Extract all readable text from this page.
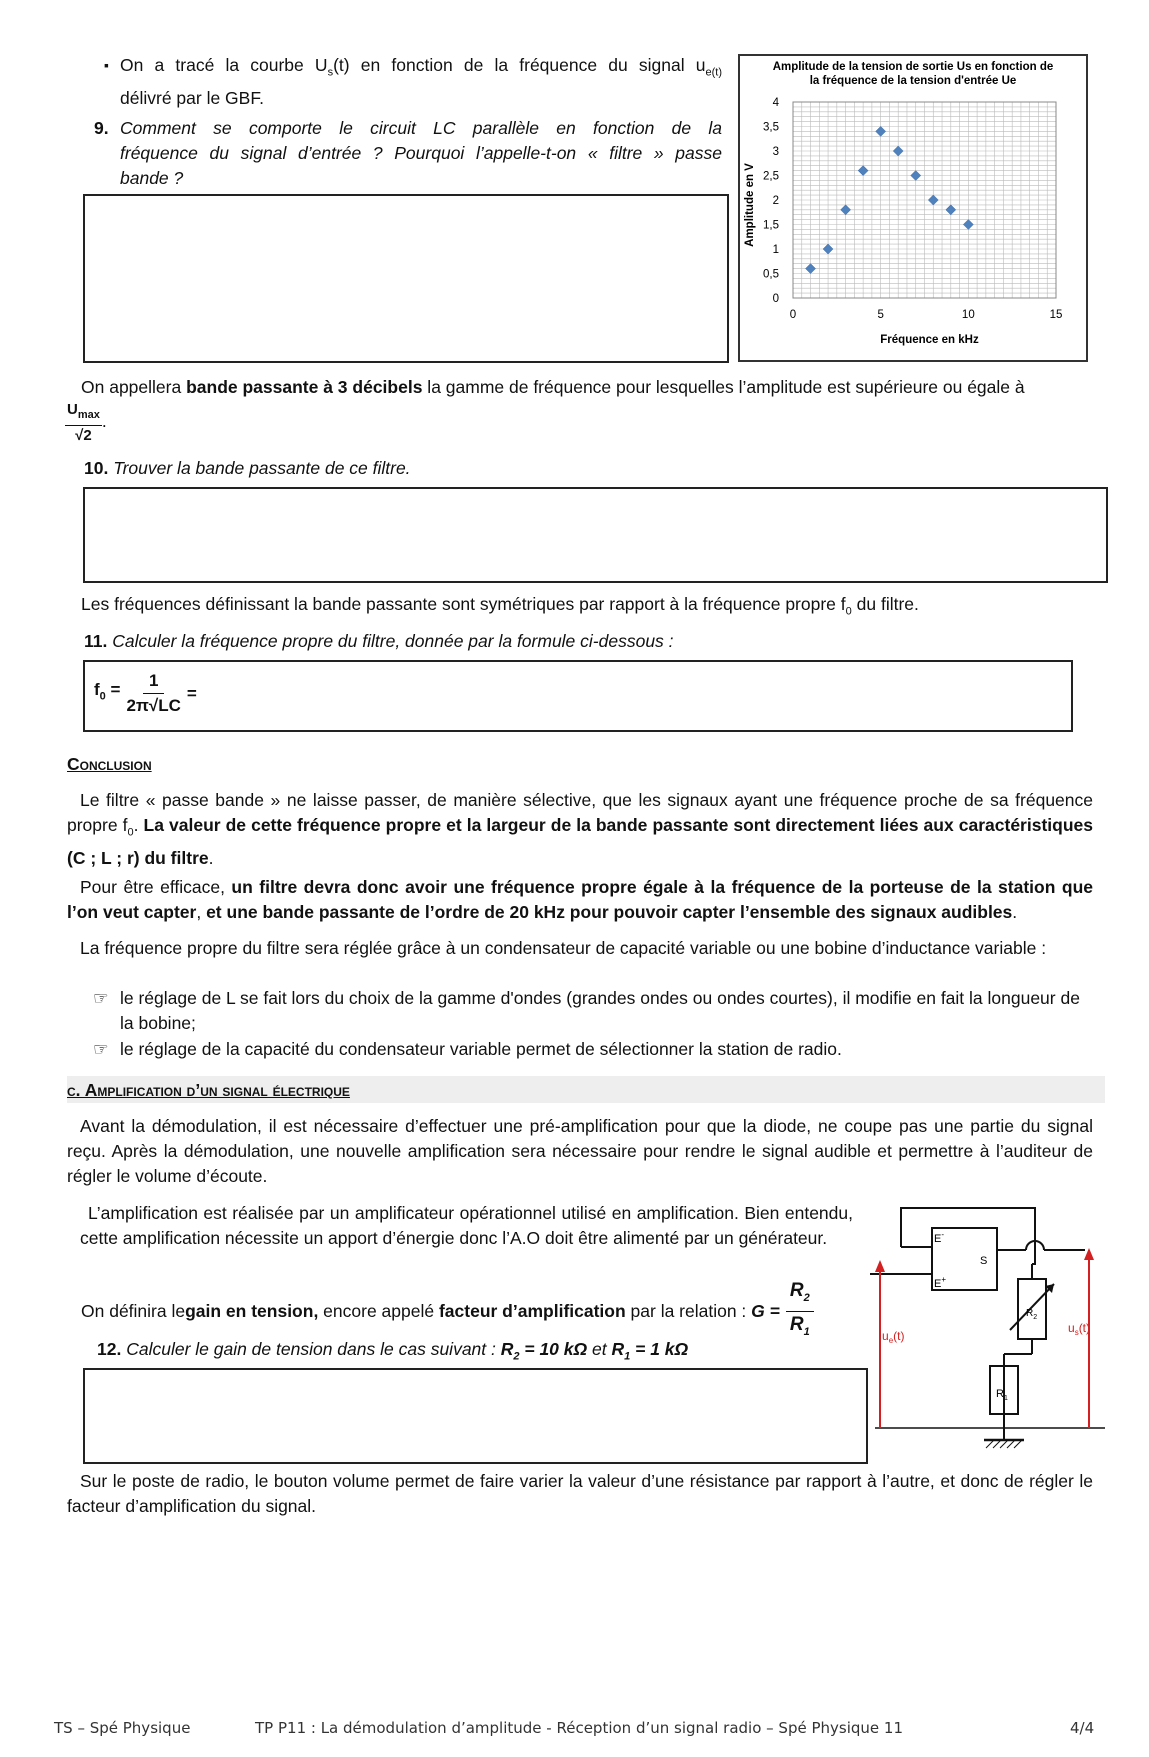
▪ On a tracé la courbe $U_s(t)$ en fonction de la fréquence du signal $u_{e(t)}$
délivré par le GBF.
9. Comment se comporte le circuit LC parallèle en fonction de la
fréquence du signal d’entrée ? Pourquoi l’appelle-t-on « filtre » passe
bande ?
Amplitude de la tension de sortie Us en fonction de
la fréquence de la tension d'entrée Ue
0
0,5
1
1,5
2
2,5
3
3,5
4
0	5	10	15
Fréquence en kHz
Amplitude en V
On appellera bande passante à 3 décibels la gamme de fréquence pour lesquelles l’amplitude est supérieure ou égale à
$\frac{U_{max}}{√2}$ .
10. Trouver la bande passante de ce filtre.
Les fréquences définissant la bande passante sont symétriques par rapport à la fréquence propre $f_0$ du filtre.
11. Calculer la fréquence propre du filtre, donnée par la formule ci-dessous :
$f_0 = \frac{1}{2\pi√LC}$ =
Conclusion
Le filtre « passe bande » ne laisse passer, de manière sélective, que les signaux ayant une fréquence proche de sa fréquence propre $f_0$. La valeur de cette fréquence propre et la largeur de la bande passante sont directement liées aux caractéristiques (C ; L ; r) du filtre.
Pour être efficace, un filtre devra donc avoir une fréquence propre égale à la fréquence de la porteuse de la station que l’on veut capter, et une bande passante de l’ordre de 20 kHz pour pouvoir capter l’ensemble des signaux audibles.
La fréquence propre du filtre sera réglée grâce à un condensateur de capacité variable ou une bobine d’inductance variable :
☞ le réglage de L se fait lors du choix de la gamme d'ondes (grandes ondes ou ondes courtes), il modifie en fait la longueur de la bobine;
☞ le réglage de la capacité du condensateur variable permet de sélectionner la station de radio.
c. Amplification d’un signal électrique
Avant la démodulation, il est nécessaire d’effectuer une pré-amplification pour que la diode, ne coupe pas une partie du signal reçu. Après la démodulation, une nouvelle amplification sera nécessaire pour rendre le signal audible et permettre à l’auditeur de régler le volume d’écoute.
L’amplification est réalisée par un amplificateur opérationnel utilisé en amplification. Bien entendu, cette amplification nécessite un apport d’énergie donc l’A.O doit être alimenté par un générateur.
On définira le gain en tension, encore appelé facteur d’amplification par la relation : $G = \frac{R_2}{R_1}$
12. Calculer le gain de tension dans le cas suivant : $R_2 = 10$ kΩ et $R_1 = 1$ kΩ
E-
E+
S
$R_2$
$R_1$
$u_e(t)$
$u_s(t)$
Sur le poste de radio, le bouton volume permet de faire varier la valeur d’une résistance par rapport à l’autre, et donc de régler le facteur d’amplification du signal.
TS – Spé Physique	TP P11 : La démodulation d’amplitude - Réception d’un signal radio – Spé Physique 11	4/4
